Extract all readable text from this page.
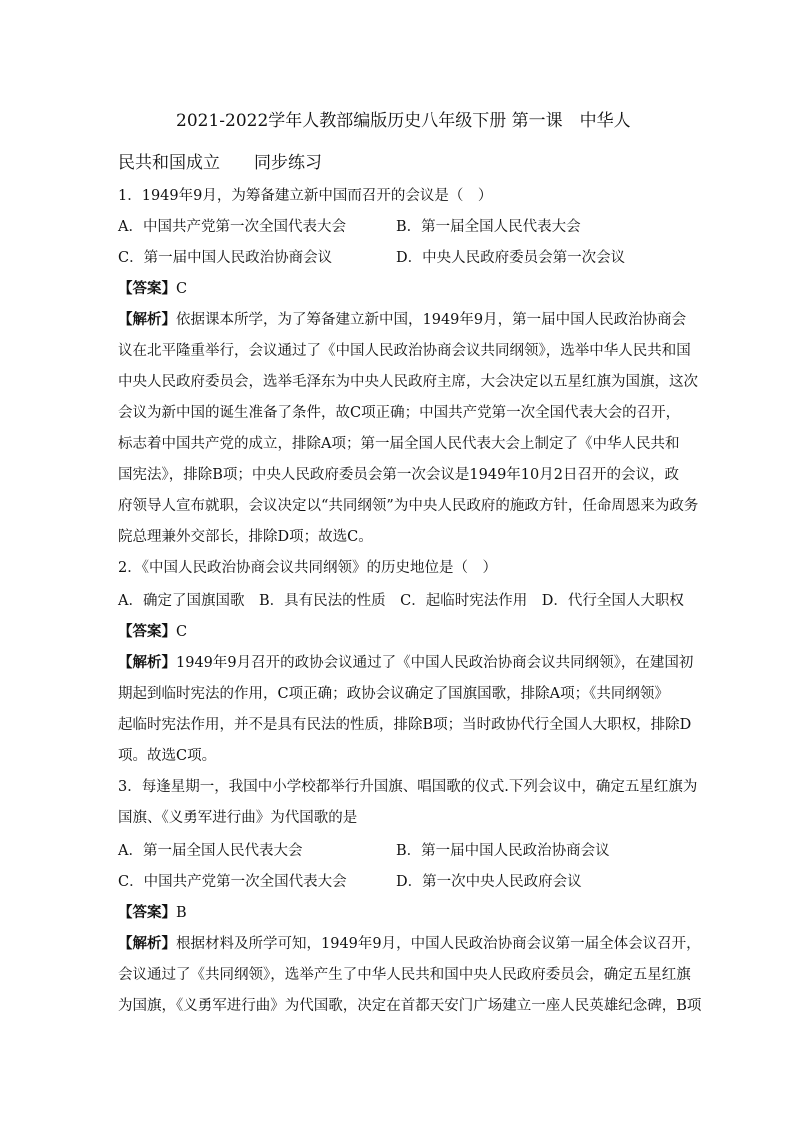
2021-2022学年人教部编版历史八年级下册 第一课　中华人
民共和国成立　　同步练习
1．1949年9月，为筹备建立新中国而召开的会议是（　）
A．中国共产党第一次全国代表大会	B．第一届全国人民代表大会
C．第一届中国人民政治协商会议	D．中央人民政府委员会第一次会议
【答案】C
【解析】依据课本所学，为了筹备建立新中国，1949年9月，第一届中国人民政治协商会
议在北平隆重举行，会议通过了《中国人民政治协商会议共同纲领》，选举中华人民共和国
中央人民政府委员会，选举毛泽东为中央人民政府主席，大会决定以五星红旗为国旗，这次
会议为新中国的诞生准备了条件，故C项正确；中国共产党第一次全国代表大会的召开，
标志着中国共产党的成立，排除A项；第一届全国人民代表大会上制定了《中华人民共和
国宪法》，排除B项；中央人民政府委员会第一次会议是1949年10月2日召开的会议，政
府领导人宣布就职，会议决定以“共同纲领”为中央人民政府的施政方针，任命周恩来为政务
院总理兼外交部长，排除D项；故选C。
2．《中国人民政治协商会议共同纲领》的历史地位是（　）
A．确定了国旗国歌　B．具有民法的性质　C．起临时宪法作用　D．代行全国人大职权
【答案】C
【解析】1949年9月召开的政协会议通过了《中国人民政治协商会议共同纲领》，在建国初
期起到临时宪法的作用，C项正确；政协会议确定了国旗国歌，排除A项；《共同纲领》
起临时宪法作用，并不是具有民法的性质，排除B项；当时政协代行全国人大职权，排除D
项。故选C项。
3．每逢星期一，我国中小学校都举行升国旗、唱国歌的仪式.下列会议中，确定五星红旗为
国旗、《义勇军进行曲》为代国歌的是
A．第一届全国人民代表大会	B．第一届中国人民政治协商会议
C．中国共产党第一次全国代表大会	D．第一次中央人民政府会议
【答案】B
【解析】根据材料及所学可知，1949年9月，中国人民政治协商会议第一届全体会议召开，
会议通过了《共同纲领》，选举产生了中华人民共和国中央人民政府委员会，确定五星红旗
为国旗，《义勇军进行曲》为代国歌，决定在首都天安门广场建立一座人民英雄纪念碑，B项
